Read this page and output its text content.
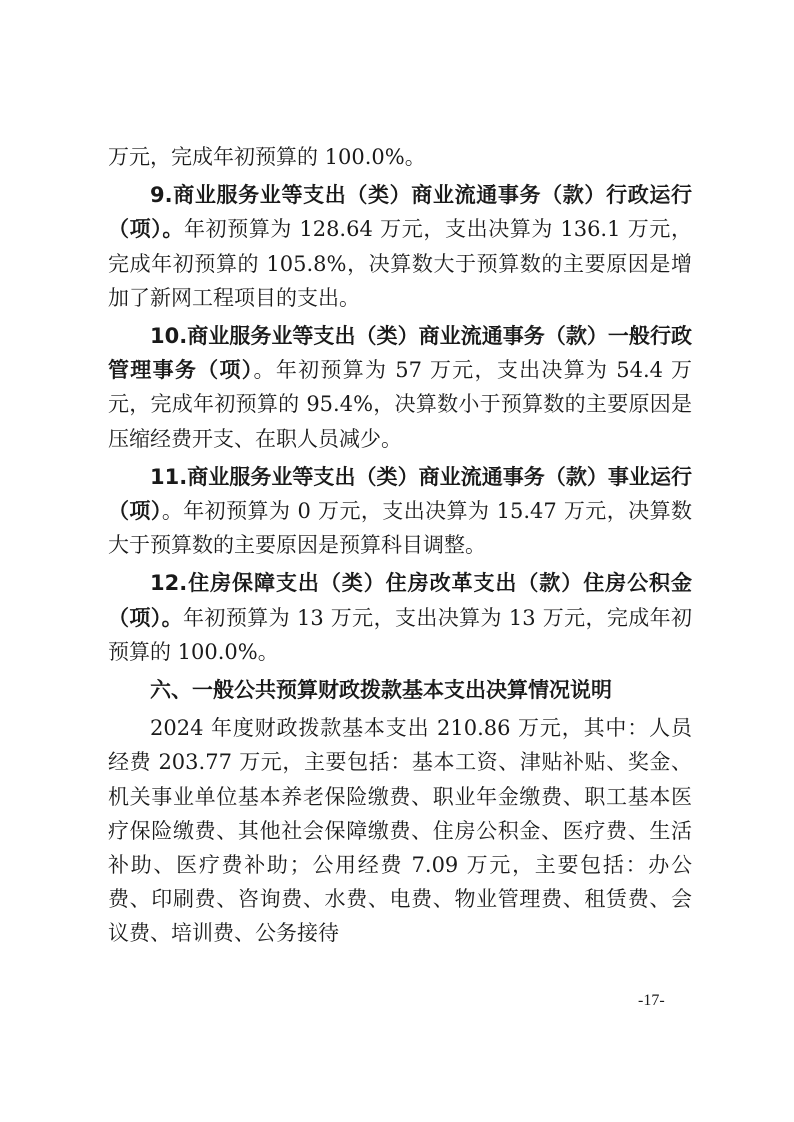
万元，完成年初预算的 100.0%。

9.商业服务业等支出（类）商业流通事务（款）行政运行（项）。年初预算为 128.64 万元，支出决算为 136.1 万元，完成年初预算的 105.8%，决算数大于预算数的主要原因是增加了新网工程项目的支出。

10.商业服务业等支出（类）商业流通事务（款）一般行政管理事务（项）。年初预算为 57 万元，支出决算为 54.4 万元，完成年初预算的 95.4%，决算数小于预算数的主要原因是压缩经费开支、在职人员减少。

11.商业服务业等支出（类）商业流通事务（款）事业运行（项）。年初预算为 0 万元，支出决算为 15.47 万元，决算数大于预算数的主要原因是预算科目调整。

12.住房保障支出（类）住房改革支出（款）住房公积金（项）。年初预算为 13 万元，支出决算为 13 万元，完成年初预算的 100.0%。

六、一般公共预算财政拨款基本支出决算情况说明

2024 年度财政拨款基本支出 210.86 万元，其中：人员经费 203.77 万元，主要包括：基本工资、津贴补贴、奖金、机关事业单位基本养老保险缴费、职业年金缴费、职工基本医疗保险缴费、其他社会保障缴费、住房公积金、医疗费、生活补助、医疗费补助；公用经费 7.09 万元，主要包括：办公费、印刷费、咨询费、水费、电费、物业管理费、租赁费、会议费、培训费、公务接待

-17-
